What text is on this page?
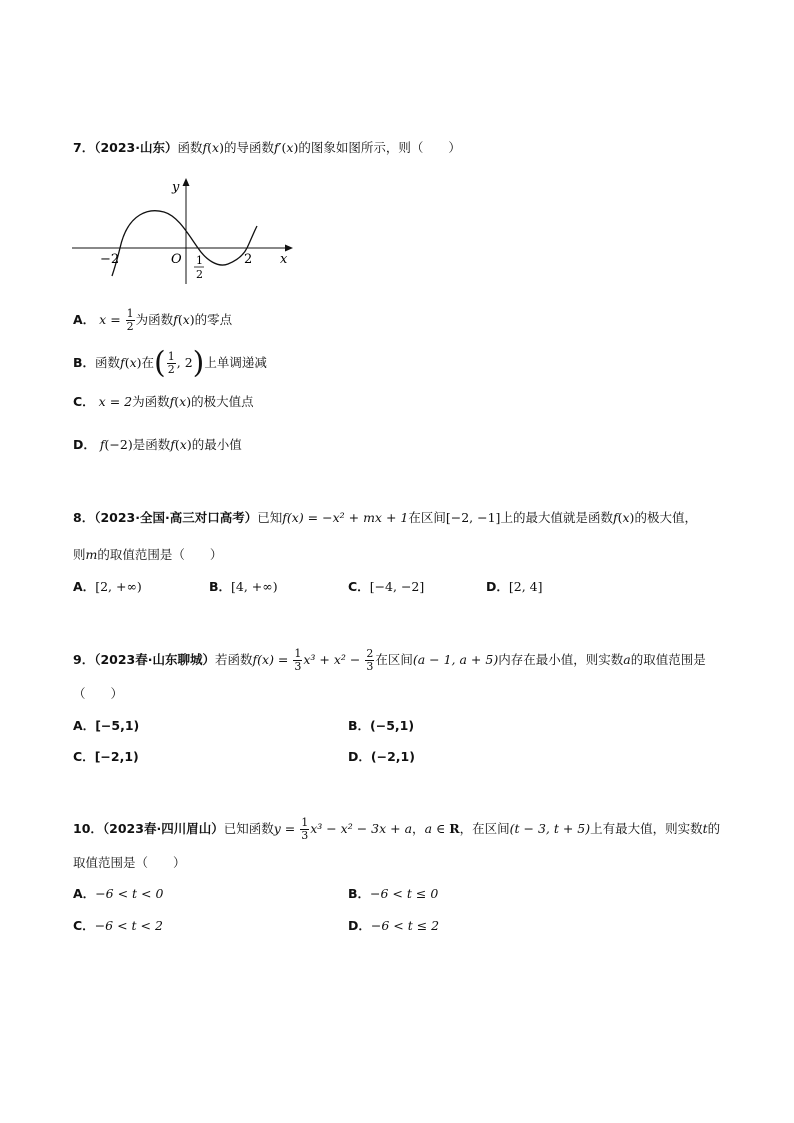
7．（2023·山东）函数f(x)的导函数f′(x)的图象如图所示，则（　　）
y
x
O
−2	2
1
2
A． $x = \frac{1}{2}$ 为函数f(x)的零点
B．函数f(x)在( $\frac{1}{2}$ , 2)上单调递减
C． x = 2为函数f(x)的极大值点
D． f(−2)是函数f(x)的最小值
8．（2023·全国·高三对口高考）已知f(x) = −x² + mx + 1在区间[−2, −1]上的最大值就是函数f(x)的极大值，
则m的取值范围是（　　）
A．[2, +∞)	B．[4, +∞)	C．[−4, −2]	D．[2, 4]
9．（2023春·山东聊城）若函数$f(x) = \frac{1}{3} x^3 + x^2 - \frac{2}{3}$ 在区间(a − 1, a + 5)内存在最小值，则实数a的取值范围是
（　　）
A．[−5,1)	B．(−5,1)
C．[−2,1)	D．(−2,1)
10．（2023春·四川眉山）已知函数$y = \frac{1}{3} x^3 - x^2 - 3x + a$，a ∈ R，在区间(t − 3, t + 5)上有最大值，则实数t的
取值范围是（　　）
A．−6 < t < 0	B．−6 < t ≤ 0
C．−6 < t < 2	D．−6 < t ≤ 2
